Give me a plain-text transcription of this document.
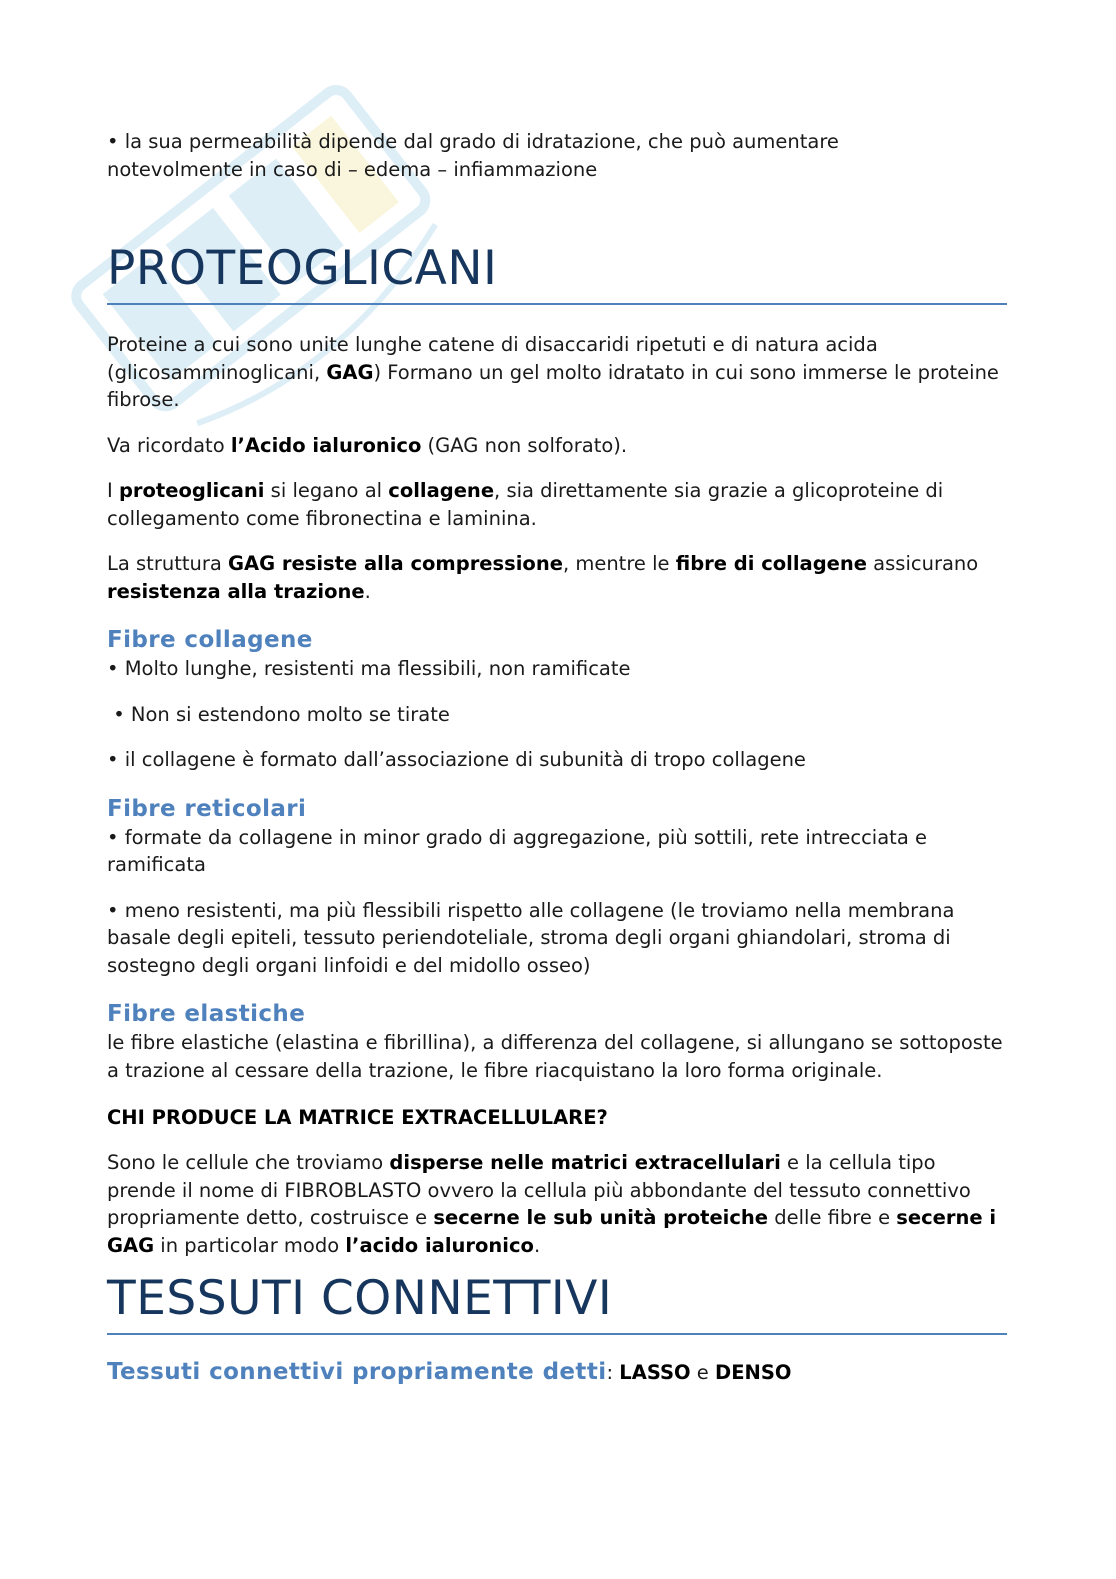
• la sua permeabilità dipende dal grado di idratazione, che può aumentare

notevolmente in caso di – edema – infiammazione

PROTEOGLICANI

Proteine a cui sono unite lunghe catene di disaccaridi ripetuti e di natura acida (glicosamminoglicani, GAG) Formano un gel molto idratato in cui sono immerse le proteine fibrose.

Va ricordato l’Acido ialuronico (GAG non solforato).

I proteoglicani si legano al collagene, sia direttamente sia grazie a glicoproteine di collegamento come fibronectina e laminina.

La struttura GAG resiste alla compressione, mentre le fibre di collagene assicurano resistenza alla trazione.

Fibre collagene

• Molto lunghe, resistenti ma flessibili, non ramificate

• Non si estendono molto se tirate

• il collagene è formato dall’associazione di subunità di tropo collagene

Fibre reticolari

• formate da collagene in minor grado di aggregazione, più sottili, rete intrecciata e ramificata

• meno resistenti, ma più flessibili rispetto alle collagene (le troviamo nella membrana basale degli epiteli, tessuto periendoteliale, stroma degli organi ghiandolari, stroma di sostegno degli organi linfoidi e del midollo osseo)

Fibre elastiche

le fibre elastiche (elastina e fibrillina), a differenza del collagene, si allungano se sottoposte a trazione al cessare della trazione, le fibre riacquistano la loro forma originale.

CHI PRODUCE LA MATRICE EXTRACELLULARE?

Sono le cellule che troviamo disperse nelle matrici extracellulari e la cellula tipo prende il nome di FIBROBLASTO ovvero la cellula più abbondante del tessuto connettivo propriamente detto, costruisce e secerne le sub unità proteiche delle fibre e secerne i GAG in particolar modo l’acido ialuronico.

TESSUTI CONNETTIVI

Tessuti connettivi propriamente detti: LASSO e DENSO
